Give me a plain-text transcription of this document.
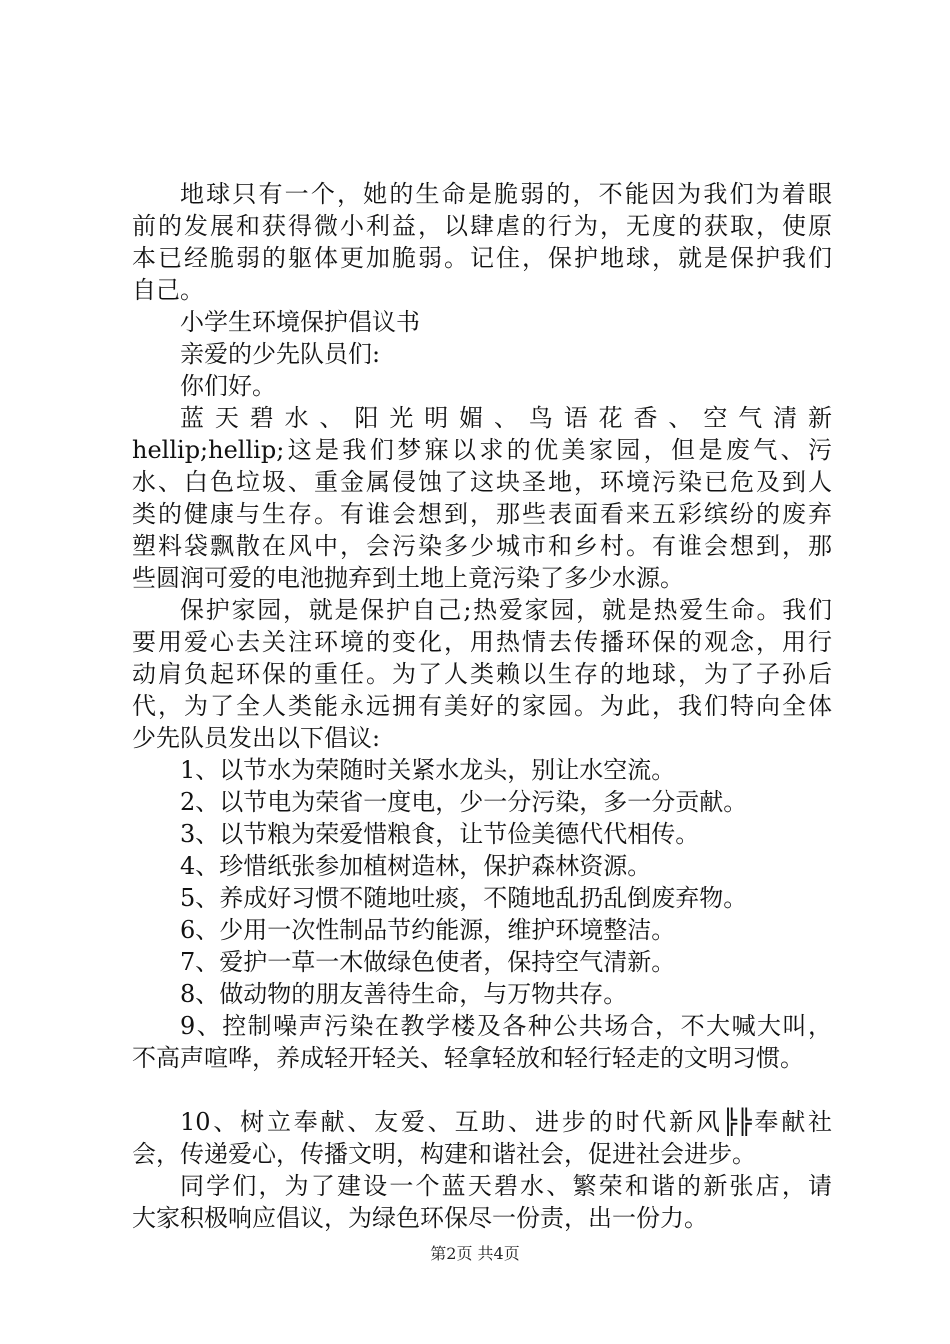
地球只有一个，她的生命是脆弱的，不能因为我们为着眼

前的发展和获得微小利益，以肆虐的行为，无度的获取，使原

本已经脆弱的躯体更加脆弱。记住，保护地球，就是保护我们

自己。

小学生环境保护倡议书

亲爱的少先队员们:

你们好。

蓝 天 碧 水 、 阳 光 明 媚 、 鸟 语 花 香 、 空 气 清 新

hellip;hellip;这是我们梦寐以求的优美家园，但是废气、污

水、白色垃圾、重金属侵蚀了这块圣地，环境污染已危及到人

类的健康与生存。有谁会想到，那些表面看来五彩缤纷的废弃

塑料袋飘散在风中，会污染多少城市和乡村。有谁会想到，那

些圆润可爱的电池抛弃到土地上竟污染了多少水源。

保护家园，就是保护自己;热爱家园，就是热爱生命。我们

要用爱心去关注环境的变化，用热情去传播环保的观念，用行

动肩负起环保的重任。为了人类赖以生存的地球，为了子孙后

代，为了全人类能永远拥有美好的家园。为此，我们特向全体

少先队员发出以下倡议:

1、以节水为荣随时关紧水龙头，别让水空流。

2、以节电为荣省一度电，少一分污染，多一分贡献。

3、以节粮为荣爱惜粮食，让节俭美德代代相传。

4、珍惜纸张参加植树造林，保护森林资源。

5、养成好习惯不随地吐痰，不随地乱扔乱倒废弃物。

6、少用一次性制品节约能源，维护环境整洁。

7、爱护一草一木做绿色使者，保持空气清新。

8、做动物的朋友善待生命，与万物共存。

9、控制噪声污染在教学楼及各种公共场合，不大喊大叫，

不高声喧哗，养成轻开轻关、轻拿轻放和轻行轻走的文明习惯。

10、树立奉献、友爱、互助、进步的时代新风╠╠奉献社

会，传递爱心，传播文明，构建和谐社会，促进社会进步。

同学们，为了建设一个蓝天碧水、繁荣和谐的新张店，请

大家积极响应倡议，为绿色环保尽一份责，出一份力。

第2页 共4页
